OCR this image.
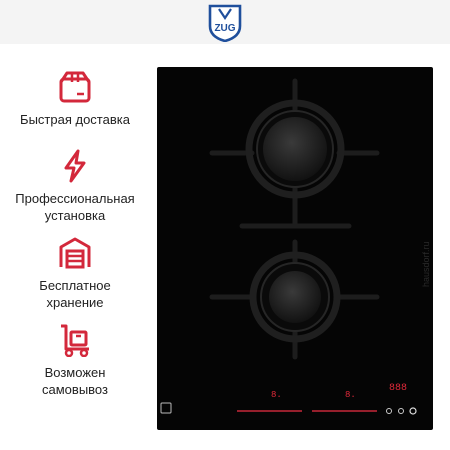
ZUG
Быстрая доставка
Профессиональная
установка
Бесплатное
хранение
Возможен
самовывоз
hausdorf.ru
8.	8.
888
